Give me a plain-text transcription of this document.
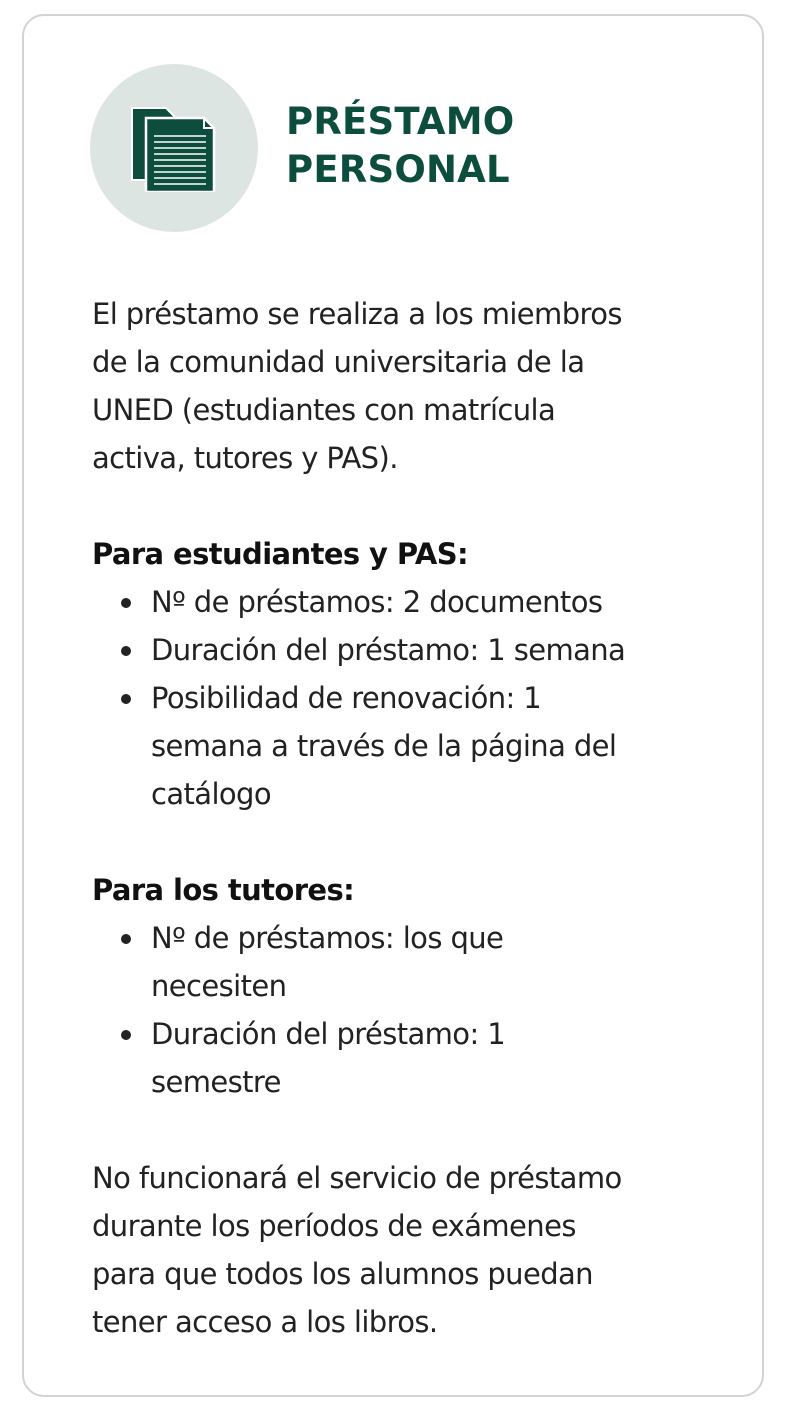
PRÉSTAMO
PERSONAL

El préstamo se realiza a los miembros
de la comunidad universitaria de la
UNED (estudiantes con matrícula
activa, tutores y PAS).

Para estudiantes y PAS:

Nº de préstamos: 2 documentos
Duración del préstamo: 1 semana
Posibilidad de renovación: 1
semana a través de la página del
catálogo

Para los tutores:

Nº de préstamos: los que
necesiten
Duración del préstamo: 1
semestre

No funcionará el servicio de préstamo
durante los períodos de exámenes
para que todos los alumnos puedan
tener acceso a los libros.
